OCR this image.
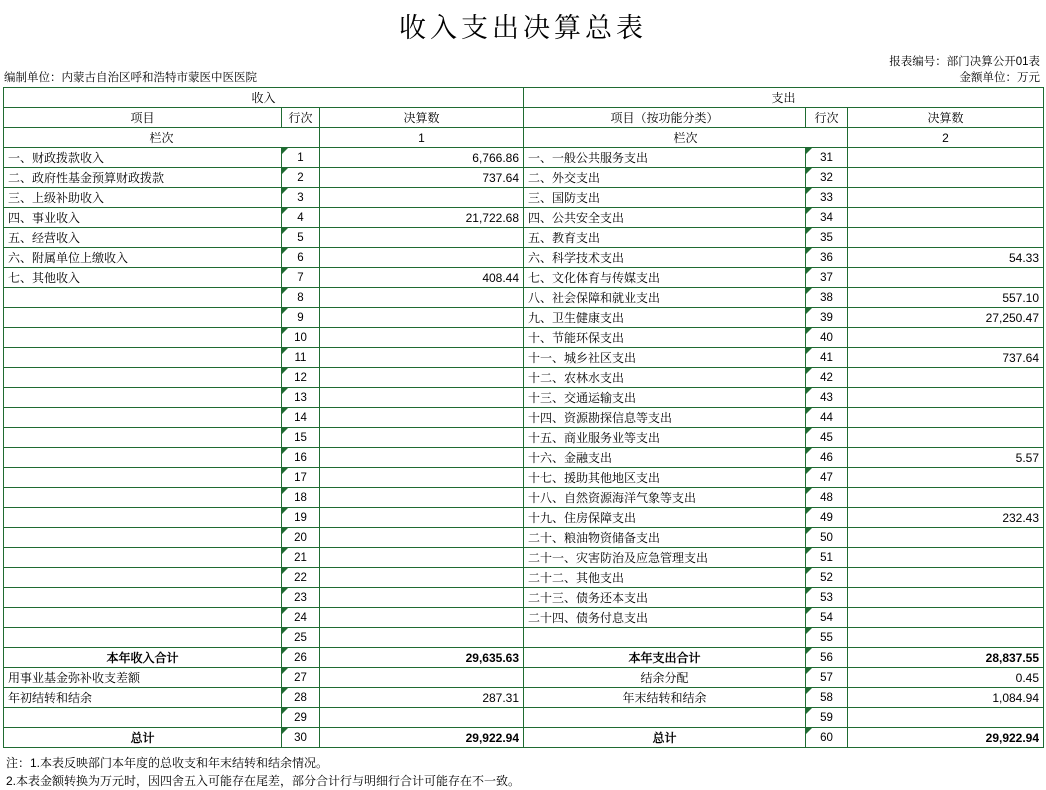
收入支出决算总表
报表编号：部门决算公开01表
编制单位：内蒙古自治区呼和浩特市蒙医中医医院	金额单位：万元
收入			支出		
项目	行次	决算数	项目（按功能分类）	行次	决算数
栏次		1	栏次		2
一、财政拨款收入	1	6,766.86	一、一般公共服务支出	31	
二、政府性基金预算财政拨款	2	737.64	二、外交支出	32	
三、上级补助收入	3		三、国防支出	33	
四、事业收入	4	21,722.68	四、公共安全支出	34	
五、经营收入	5		五、教育支出	35	
六、附属单位上缴收入	6		六、科学技术支出	36	54.33
七、其他收入	7	408.44	七、文化体育与传媒支出	37	
	8		八、社会保障和就业支出	38	557.10
	9		九、卫生健康支出	39	27,250.47
	10		十、节能环保支出	40	
	11		十一、城乡社区支出	41	737.64
	12		十二、农林水支出	42	
	13		十三、交通运输支出	43	
	14		十四、资源勘探信息等支出	44	
	15		十五、商业服务业等支出	45	
	16		十六、金融支出	46	5.57
	17		十七、援助其他地区支出	47	
	18		十八、自然资源海洋气象等支出	48	
	19		十九、住房保障支出	49	232.43
	20		二十、粮油物资储备支出	50	
	21		二十一、灾害防治及应急管理支出	51	
	22		二十二、其他支出	52	
	23		二十三、债务还本支出	53	
	24		二十四、债务付息支出	54	
	25			55	
本年收入合计	26	29,635.63	本年支出合计	56	28,837.55
用事业基金弥补收支差额	27		结余分配	57	0.45
年初结转和结余	28	287.31	年末结转和结余	58	1,084.94
	29			59	
总计	30	29,922.94	总计	60	29,922.94
注：1.本表反映部门本年度的总收支和年末结转和结余情况。
2.本表金额转换为万元时，因四舍五入可能存在尾差，部分合计行与明细行合计可能存在不一致。
